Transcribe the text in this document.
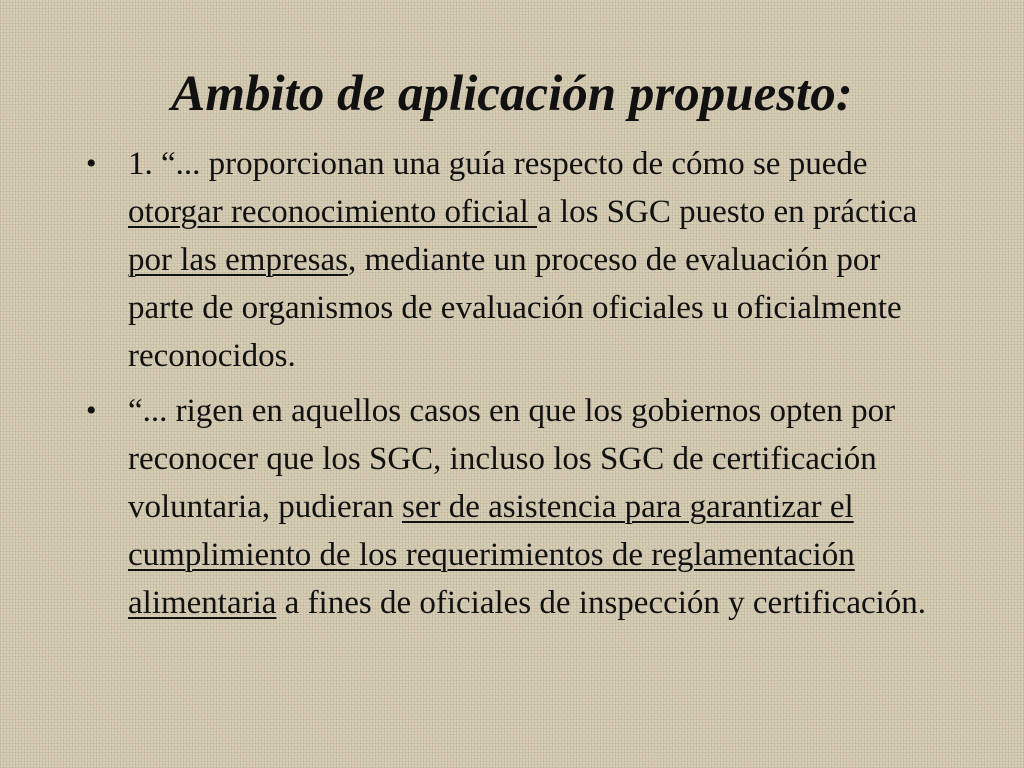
Ambito de aplicación propuesto:
• 1. “... proporcionan una guía respecto de cómo se puede otorgar reconocimiento oficial a los SGC puesto en práctica por las empresas, mediante un proceso de evaluación por parte de organismos de evaluación oficiales u oficialmente reconocidos.
• “... rigen en aquellos casos en que los gobiernos opten por reconocer que los SGC, incluso los SGC de certificación voluntaria, pudieran ser de asistencia para garantizar el cumplimiento de los requerimientos de reglamentación alimentaria a fines de oficiales de inspección y certificación.
